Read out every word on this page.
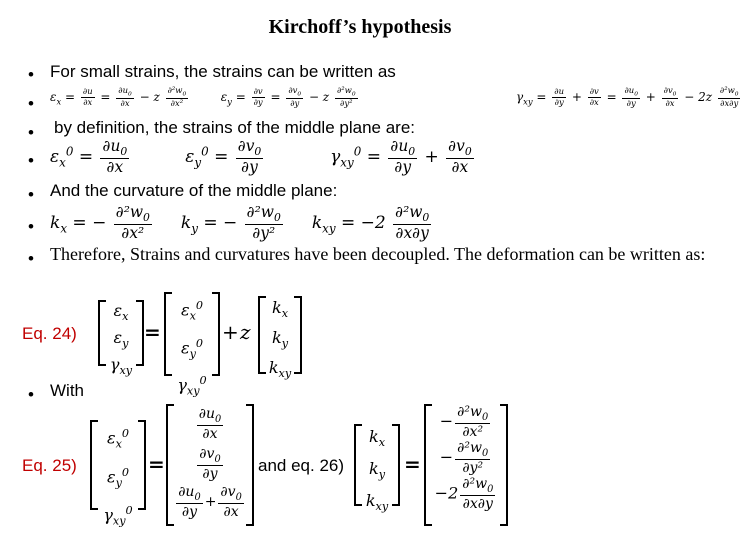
Kirchoff’s hypothesis
• For small strains, the strains can be written as
• $\varepsilon_x = \frac{\partial u}{\partial x} = \frac{\partial u_0}{\partial x} - z \frac{\partial^2w_0}{\text{∂x²}} \varepsilon_y = \frac{\partial v}{\partial y} = \frac{\partial v_0}{\partial y} - z \frac{\partial^2w_0}{\text{∂y²}} \gamma_{xy} = \frac{\partial u}{\partial y} + \frac{\partial v}{\partial x} = \frac{\partial u_0}{\partial y} + \frac{\partial v_0}{\partial x} - 2z \frac{\partial^2w_0}{\partial x\partial y}$
• by definition, the strains of the middle plane are:
• $\varepsilon_x^0 = \frac{\partial u_0}{\partial x} \varepsilon_y^0 = \frac{\partial v_0}{\partial y} \gamma_{xy}^0 = \frac{\partial u_0}{\partial y} + \frac{\partial v_0}{\partial x}$
• And the curvature of the middle plane:
• $k_x$ = − $\frac{\partial^2w_0}{\text{∂x²}} k_y$ = − $\frac{\partial^2w_0}{\text{∂y²}} k_{xy} = -2 \frac{\partial^2w_0}{\partial x\partial y}$
• Therefore, Strains and curvatures have been decoupled. The deformation can be written as:
Eq. 24)
$\varepsilon_x$
$\varepsilon_y$
$\gamma_{xy}$
=
$\varepsilon_x^0$
$\varepsilon_y^0$
$\gamma_{xy}^0$
+ z
$k_x$
$k_y$
$k_{xy}$
• With
Eq. 25)
$\varepsilon_x^0$
$\varepsilon_y^0$
$\gamma_{xy}^0$
=
$\frac{\partial u_0}{\partial x}$
$\frac{\partial v_0}{\partial y}$
$\frac{\partial u_0}{\partial y} + \frac{\partial v_0}{\partial x}$
and eq. 26)
$k_x$
$k_y$
$k_{xy}$
=
− $\frac{\partial^2w_0}{\text{∂x²}}$
− $\frac{\partial^2w_0}{\text{∂y²}}$
$-2 \frac{\partial^2w_0}{\partial x\partial y}$
